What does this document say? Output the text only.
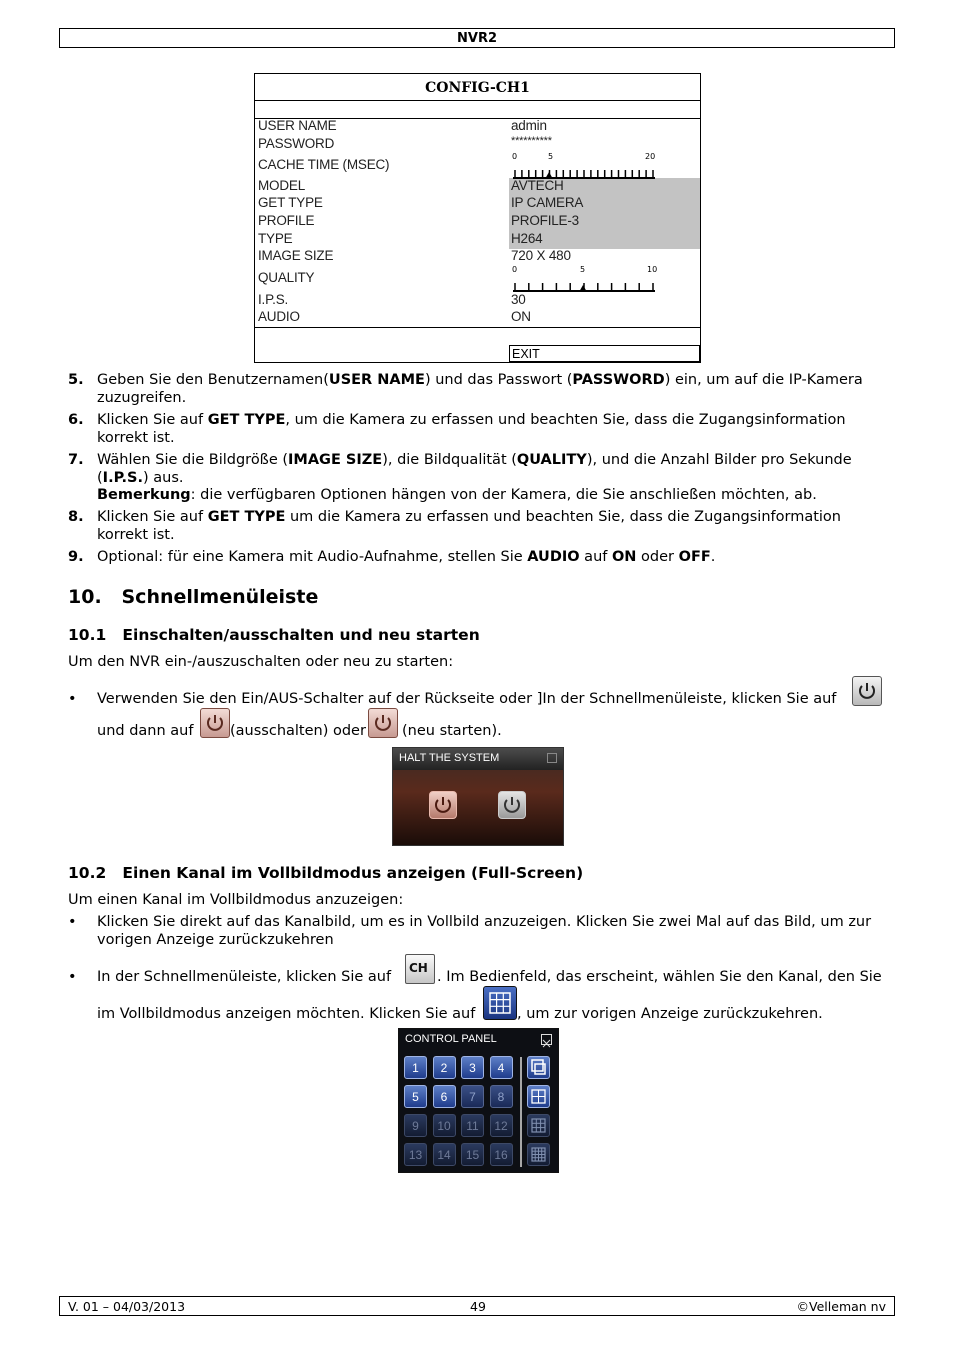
NVR2
CONFIG-CH1
USER NAME	admin
PASSWORD	**********
CACHE TIME (MSEC)
0	5	20
MODEL	AVTECH
GET TYPE	IP CAMERA
PROFILE	PROFILE-3
TYPE	H264
IMAGE SIZE	720 X 480
QUALITY
0	5	10
I.P.S.	30
AUDIO	ON
EXIT
5. Geben Sie den Benutzernamen(USER NAME) und das Passwort (PASSWORD) ein, um auf die IP-Kamera
zuzugreifen.
6. Klicken Sie auf GET TYPE, um die Kamera zu erfassen und beachten Sie, dass die Zugangsinformation
korrekt ist.
7. Wählen Sie die Bildgröße (IMAGE SIZE), die Bildqualität (QUALITY), und die Anzahl Bilder pro Sekunde
(I.P.S.) aus.
Bemerkung: die verfügbaren Optionen hängen von der Kamera, die Sie anschließen möchten, ab.
8. Klicken Sie auf GET TYPE um die Kamera zu erfassen und beachten Sie, dass die Zugangsinformation
korrekt ist.
9. Optional: für eine Kamera mit Audio-Aufnahme, stellen Sie AUDIO auf ON oder OFF.
10.   Schnellmenüleiste
10.1   Einschalten/ausschalten und neu starten
Um den NVR ein-/auszuschalten oder neu zu starten:
• Verwenden Sie den Ein/AUS-Schalter auf der Rückseite oder ]In der Schnellmenüleiste, klicken Sie auf
und dann auf	(ausschalten) oder (neu starten).
HALT THE SYSTEM
10.2   Einen Kanal im Vollbildmodus anzeigen (Full-Screen)
Um einen Kanal im Vollbildmodus anzuzeigen:
• Klicken Sie direkt auf das Kanalbild, um es in Vollbild anzuzeigen. Klicken Sie zwei Mal auf das Bild, um zur
vorigen Anzeige zurückzukehren
• In der Schnellmenüleiste, klicken Sie auf
CH
. Im Bedienfeld, das erscheint, wählen Sie den Kanal, den Sie
im Vollbildmodus anzeigen möchten. Klicken Sie auf	, um zur vorigen Anzeige zurückzukehren.
CONTROL PANEL
1	2	3	4
5	6	7	8
9	10	11	12
13	14	15	16
V. 01 – 04/03/2013	49	©Velleman nv
